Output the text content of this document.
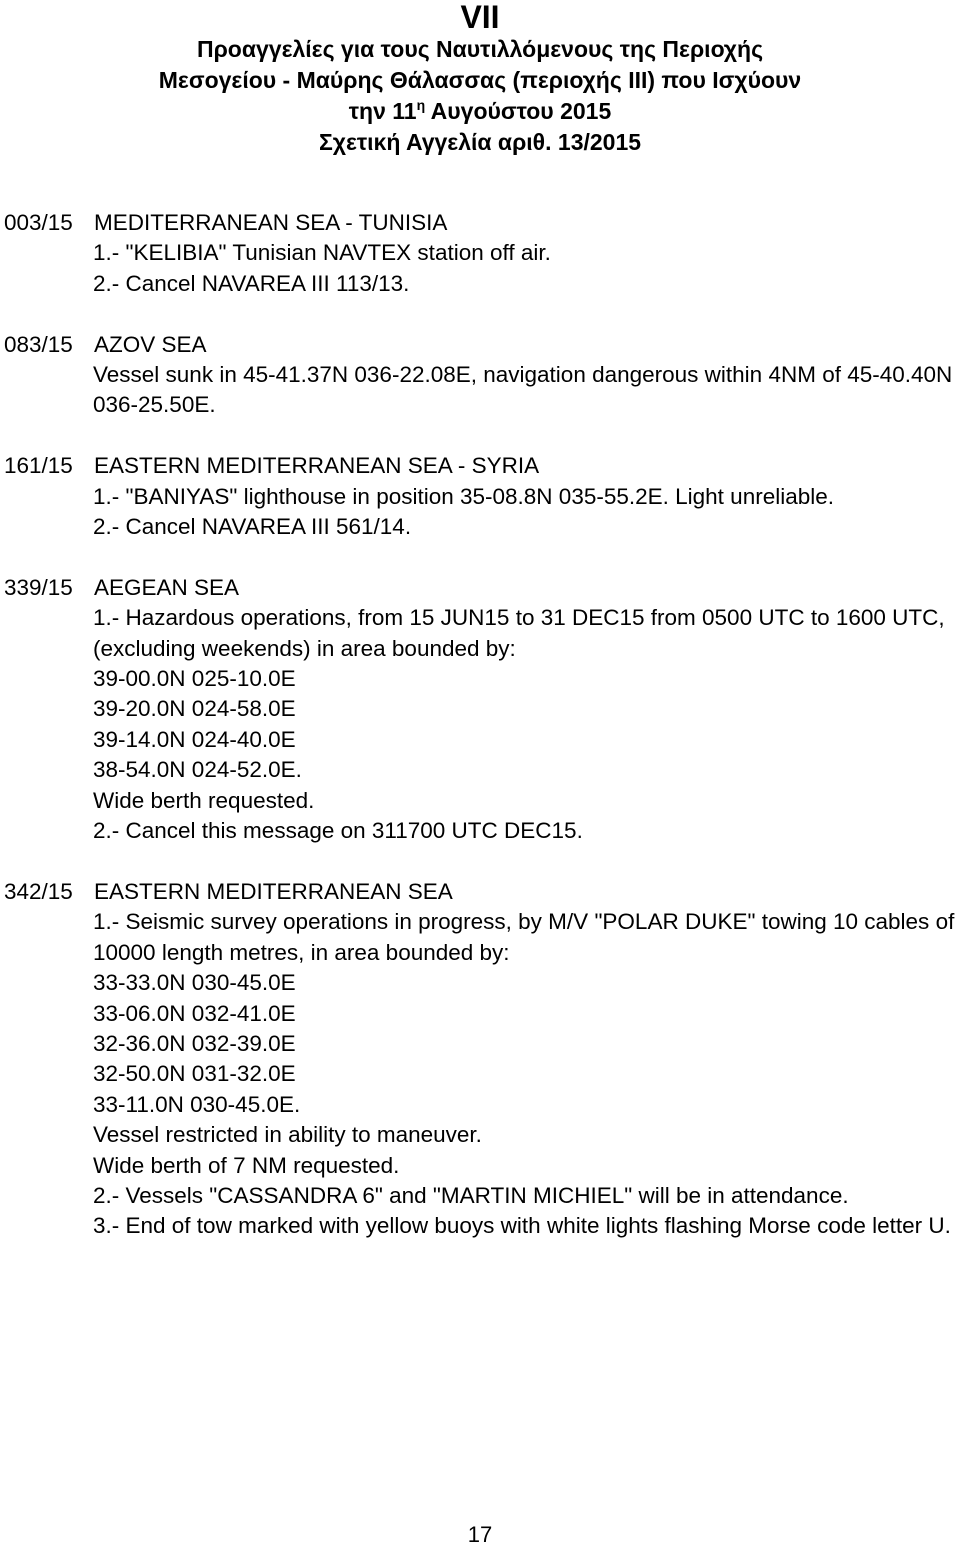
VII
Προαγγελίες για τους Ναυτιλλόμενους της Περιοχής
Μεσογείου - Μαύρης Θάλασσας (περιοχής ΙΙΙ) που Ισχύουν
την $11^\eta$ Αυγούστου 2015
Σχετική Αγγελία αριθ. 13/2015
003/15 MEDITERRANEAN SEA - TUNISIA
1.- "KELIBIA" Tunisian NAVTEX station off air.
2.- Cancel NAVAREA III 113/13.
083/15 AZOV SEA
Vessel sunk in 45-41.37N 036-22.08E, navigation dangerous within 4NM of 45-40.40N 036-25.50E.
161/15 EASTERN MEDITERRANEAN SEA - SYRIA
1.- "BANIYAS" lighthouse in position 35-08.8N 035-55.2E. Light unreliable.
2.- Cancel NAVAREA III 561/14.
339/15 AEGEAN SEA
1.- Hazardous operations, from 15 JUN15 to 31 DEC15 from 0500 UTC to 1600 UTC, (excluding weekends) in area bounded by:
39-00.0N 025-10.0E
39-20.0N 024-58.0E
39-14.0N 024-40.0E
38-54.0N 024-52.0E.
Wide berth requested.
2.- Cancel this message on 311700 UTC DEC15.
342/15 EASTERN MEDITERRANEAN SEA
1.- Seismic survey operations in progress, by M/V "POLAR DUKE" towing 10 cables of 10000 length metres, in area bounded by:
33-33.0N 030-45.0E
33-06.0N 032-41.0E
32-36.0N 032-39.0E
32-50.0N 031-32.0E
33-11.0N 030-45.0E.
Vessel restricted in ability to maneuver.
Wide berth of 7 NM requested.
2.- Vessels "CASSANDRA 6" and "MARTIN MICHIEL" will be in attendance.
3.- End of tow marked with yellow buoys with white lights flashing Morse code letter U.
17
